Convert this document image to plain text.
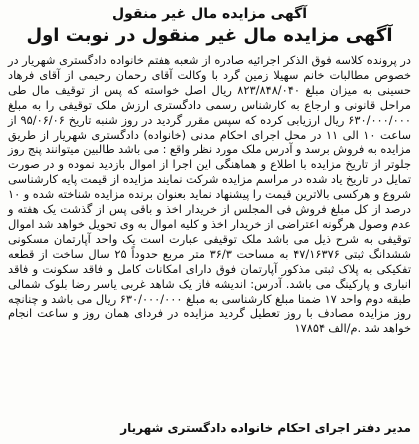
آگهی مزایده مال غیر منقول
آگهی مزایده مال غیر منقول در نوبت اول

در پرونده کلاسه فوق الذکر اجرائیه صادره از شعبه هفتم خانواده دادگستری شهریار در خصوص مطالبات خانم سهیلا زمین گرد با وکالت آقای رحمان رحیمی از آقای فرهاد حسینی به میزان مبلغ ۸۲۳/۸۴۸/۰۴۰ ریال اصل خواسته که پس از توقیف مال طی مراحل قانونی و ارجاع به کارشناس رسمی دادگستری ارزش ملک توقیفی را به مبلغ ۶۳۰/۰۰۰/۰۰۰ ریال ارزیابی کرده که سپس مقرر گردید در روز شنبه تاریخ ۹۵/۰۶/۰۶ از ساعت ۱۰ الی ۱۱ در محل اجرای احکام مدنی (خانواده) دادگستری شهریار از طریق مزایده به فروش برسد و آدرس ملک مورد نظر واقع : می باشد طالبین میتوانند پنج روز جلوتر از تاریخ مزایده با اطلاع و هماهنگی این اجرا از اموال بازدید نموده و در صورت تمایل در تاریخ یاد شده در مراسم مزایده شرکت نمایند مزایده از قیمت پایه کارشناسی شروع و هرکسی بالاترین قیمت را پیشنهاد نماید بعنوان برنده مزایده شناخته شده و ۱۰ درصد از کل مبلغ فروش فی المجلس از خریدار اخذ و باقی پس از گذشت یک هفته و عدم وصول هرگونه اعتراضی از خریدار اخذ و کلیه اموال به وی تحویل خواهد شد اموال توقیفی به شرح ذیل می باشد ملک توقیفی عبارت است یک واحد آپارتمان مسکونی ششدانگ ثبتی ۴۷/۱۶۳۷۶ به مساحت ۳۶/۳ متر مربع حدوداً ۲۵ سال ساخت از قطعه تفکیکی به پلاک ثبتی مذکور آپارتمان فوق دارای امکانات کامل و فاقد سکونت و فاقد انباری و پارکینگ می باشد. آدرس: اندیشه فاز یک شاهد غربی یاسر رضا بلوک شمالی طبقه دوم واحد ۱۷ ضمنا مبلغ کارشناسی به مبلغ ۶۳۰/۰۰۰/۰۰۰ ریال می باشد و چنانچه روز مزایده مصادف با روز تعطیل گردید مزایده در فردای همان روز و ساعت انجام خواهد شد .م/الف ۱۷۸۵۴

مدیر دفتر اجرای احکام خانواده دادگستری شهریار
